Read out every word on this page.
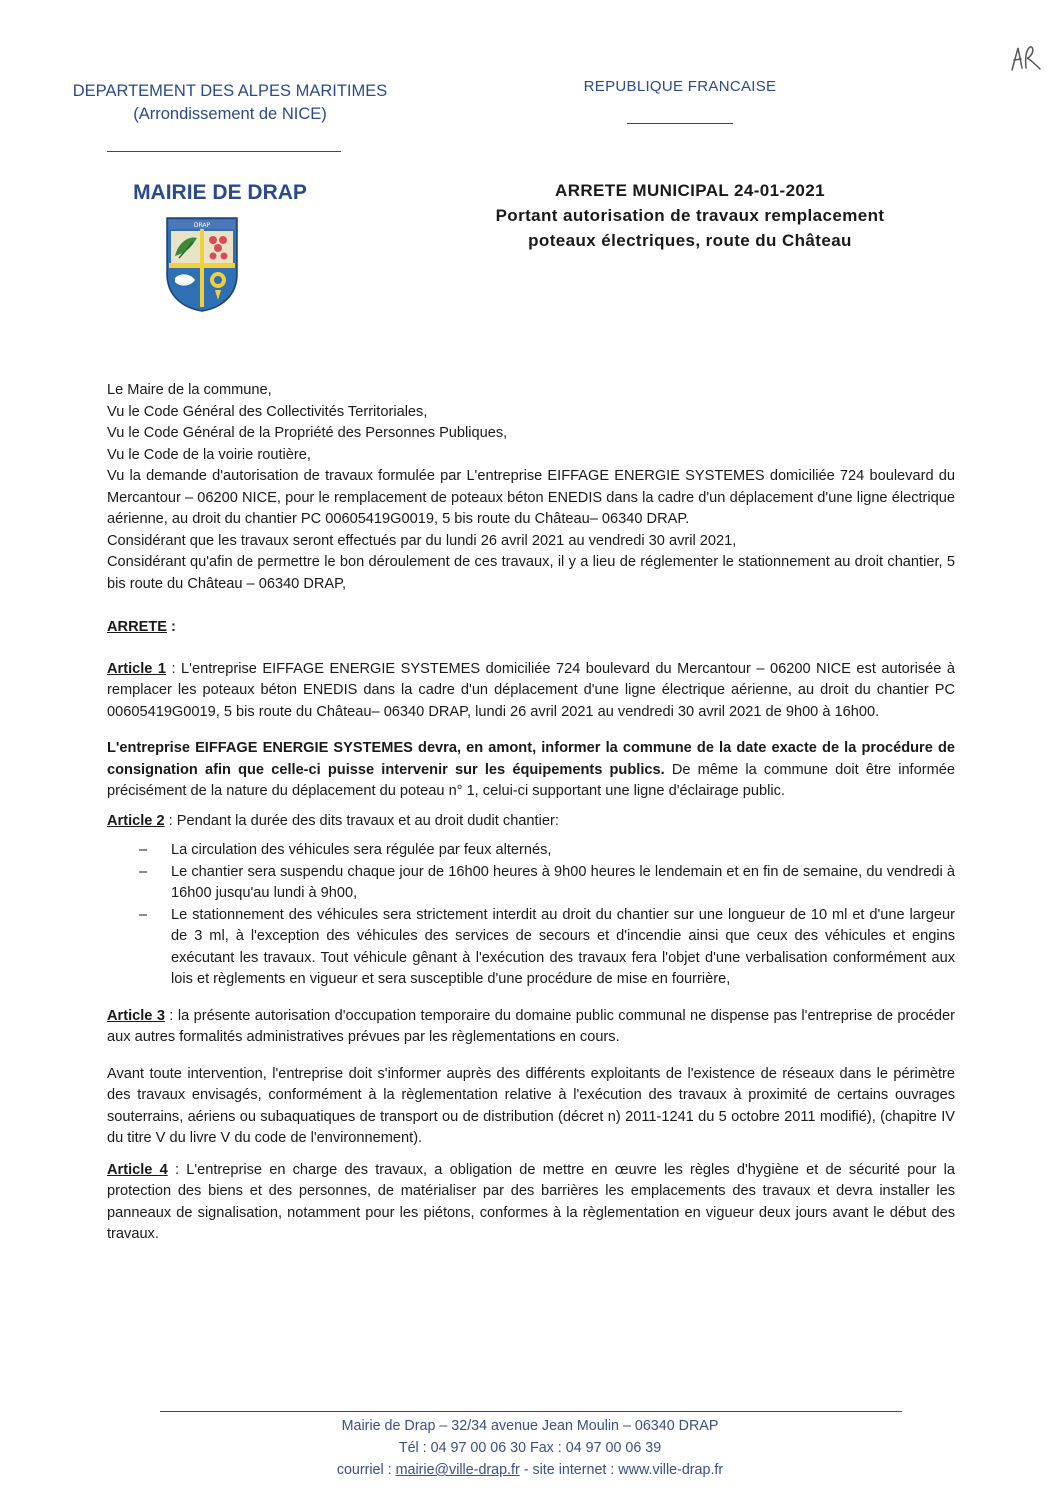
DEPARTEMENT DES ALPES MARITIMES
(Arrondissement de NICE)
REPUBLIQUE FRANCAISE
MAIRIE DE DRAP
DRAP
ARRETE MUNICIPAL 24-01-2021
Portant autorisation de travaux remplacement
poteaux électriques, route du Château

Le Maire de la commune,

Vu le Code Général des Collectivités Territoriales,

Vu le Code Général de la Propriété des Personnes Publiques,

Vu le Code de la voirie routière,

Vu la demande d'autorisation de travaux formulée par L'entreprise EIFFAGE ENERGIE SYSTEMES domiciliée 724 boulevard du Mercantour – 06200 NICE, pour le remplacement de poteaux béton ENEDIS dans la cadre d'un déplacement d'une ligne électrique aérienne, au droit du chantier PC 00605419G0019, 5 bis route du Château– 06340 DRAP.

Considérant que les travaux seront effectués par du lundi 26 avril 2021 au vendredi 30 avril 2021,

Considérant qu'afin de permettre le bon déroulement de ces travaux, il y a lieu de réglementer le stationnement au droit chantier, 5 bis route du Château – 06340 DRAP,

ARRETE :

Article 1 : L'entreprise EIFFAGE ENERGIE SYSTEMES domiciliée 724 boulevard du Mercantour – 06200 NICE est autorisée à remplacer les poteaux béton ENEDIS dans la cadre d'un déplacement d'une ligne électrique aérienne, au droit du chantier PC 00605419G0019, 5 bis route du Château– 06340 DRAP, lundi 26 avril 2021 au vendredi 30 avril 2021 de 9h00 à 16h00.

L'entreprise EIFFAGE ENERGIE SYSTEMES devra, en amont, informer la commune de la date exacte de la procédure de consignation afin que celle-ci puisse intervenir sur les équipements publics. De même la commune doit être informée précisément de la nature du déplacement du poteau n° 1, celui-ci supportant une ligne d'éclairage public.

Article 2 : Pendant la durée des dits travaux et au droit dudit chantier:

– La circulation des véhicules sera régulée par feux alternés,
– Le chantier sera suspendu chaque jour de 16h00 heures à 9h00 heures le lendemain et en fin de semaine, du vendredi à 16h00 jusqu'au lundi à 9h00,
– Le stationnement des véhicules sera strictement interdit au droit du chantier sur une longueur de 10 ml et d'une largeur de 3 ml, à l'exception des véhicules des services de secours et d'incendie ainsi que ceux des véhicules et engins exécutant les travaux. Tout véhicule gênant à l'exécution des travaux fera l'objet d'une verbalisation conformément aux lois et règlements en vigueur et sera susceptible d'une procédure de mise en fourrière,

Article 3 : la présente autorisation d'occupation temporaire du domaine public communal ne dispense pas l'entreprise de procéder aux autres formalités administratives prévues par les règlementations en cours.

Avant toute intervention, l'entreprise doit s'informer auprès des différents exploitants de l'existence de réseaux dans le périmètre des travaux envisagés, conformément à la règlementation relative à l'exécution des travaux à proximité de certains ouvrages souterrains, aériens ou subaquatiques de transport ou de distribution (décret n) 2011-1241 du 5 octobre 2011 modifié), (chapitre IV du titre V du livre V du code de l'environnement).

Article 4 : L'entreprise en charge des travaux, a obligation de mettre en œuvre les règles d'hygiène et de sécurité pour la protection des biens et des personnes, de matérialiser par des barrières les emplacements des travaux et devra installer les panneaux de signalisation, notamment pour les piétons, conformes à la règlementation en vigueur deux jours avant le début des travaux.

Mairie de Drap – 32/34 avenue Jean Moulin – 06340 DRAP
Tél : 04 97 00 06 30 Fax : 04 97 00 06 39
courriel : mairie@ville-drap.fr - site internet : www.ville-drap.fr
